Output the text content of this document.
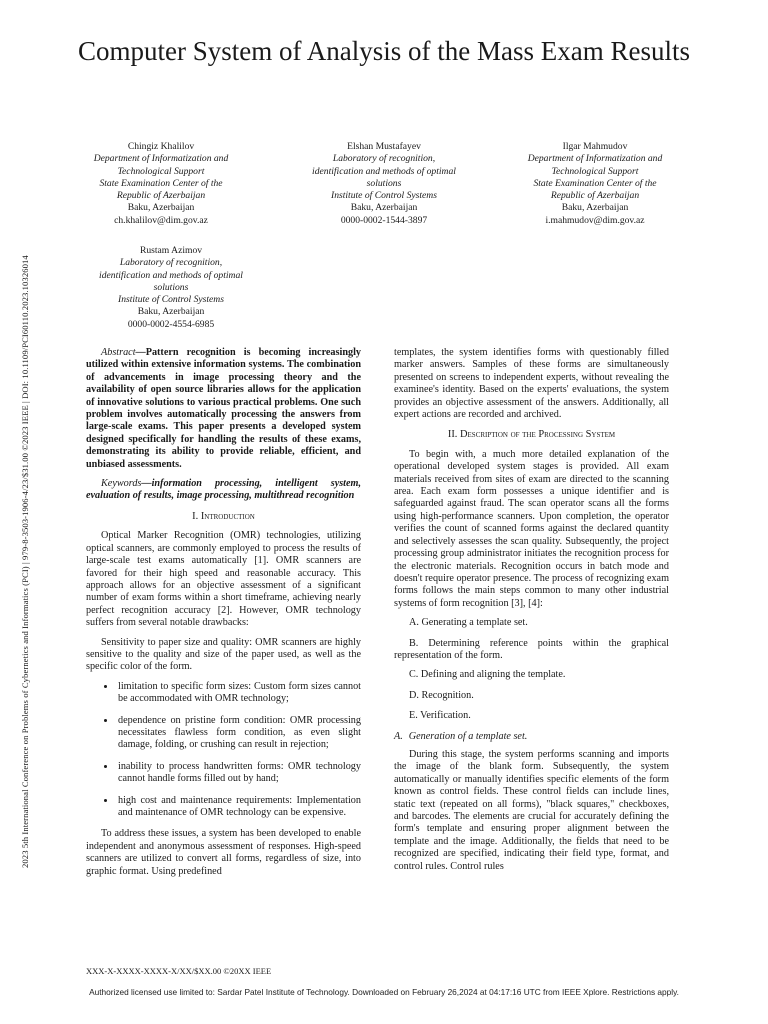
2023 5th International Conference on Problems of Cybernetics and Informatics (PCI) | 979-8-3503-1906-4/23/$31.00 ©2023 IEEE | DOI: 10.1109/PCI60110.2023.10326014
Computer System of Analysis of the Mass Exam Results
Chingiz Khalilov
Department of Informatization and
Technological Support
State Examination Center of the
Republic of Azerbaijan
Baku, Azerbaijan
ch.khalilov@dim.gov.az
Elshan Mustafayev
Laboratory of recognition,
identification and methods of optimal
solutions
Institute of Control Systems
Baku, Azerbaijan
0000-0002-1544-3897
Ilgar Mahmudov
Department of Informatization and
Technological Support
State Examination Center of the
Republic of Azerbaijan
Baku, Azerbaijan
i.mahmudov@dim.gov.az
Rustam Azimov
Laboratory of recognition,
identification and methods of optimal
solutions
Institute of Control Systems
Baku, Azerbaijan
0000-0002-4554-6985

Abstract—Pattern recognition is becoming increasingly utilized within extensive information systems. The combination of advancements in image processing theory and the availability of open source libraries allows for the application of innovative solutions to various practical problems. One such problem involves automatically processing the answers from large-scale exams. This paper presents a developed system designed specifically for handling the results of these exams, demonstrating its ability to provide reliable, efficient, and unbiased assessments.

Keywords—information processing, intelligent system, evaluation of results, image processing, multithread recognition

I. Introduction

Optical Marker Recognition (OMR) technologies, utilizing optical scanners, are commonly employed to process the results of large-scale test exams automatically [1]. OMR scanners are favored for their high speed and reasonable accuracy. This approach allows for an objective assessment of a significant number of exam forms within a short timeframe, achieving nearly perfect recognition accuracy [2]. However, OMR technology suffers from several notable drawbacks:

Sensitivity to paper size and quality: OMR scanners are highly sensitive to the quality and size of the paper used, as well as the specific color of the form.

• limitation to specific form sizes: Custom form sizes cannot be accommodated with OMR technology;
• dependence on pristine form condition: OMR processing necessitates flawless form condition, as even slight damage, folding, or crushing can result in rejection;
• inability to process handwritten forms: OMR technology cannot handle forms filled out by hand;
• high cost and maintenance requirements: Implementation and maintenance of OMR technology can be expensive.

To address these issues, a system has been developed to enable independent and anonymous assessment of responses. High-speed scanners are utilized to convert all forms, regardless of size, into graphic format. Using predefined

templates, the system identifies forms with questionably filled marker answers. Samples of these forms are simultaneously presented on screens to independent experts, without revealing the examinee's identity. Based on the experts' evaluations, the system provides an objective assessment of the answers. Additionally, all expert actions are recorded and archived.

II. Description of the Processing System

To begin with, a much more detailed explanation of the operational developed system stages is provided. All exam materials received from sites of exam are directed to the scanning area. Each exam form possesses a unique identifier and is safeguarded against fraud. The scan operator scans all the forms using high-performance scanners. Upon completion, the operator verifies the count of scanned forms against the declared quantity and selectively assesses the scan quality. Subsequently, the project processing group administrator initiates the recognition process for the electronic materials. Recognition occurs in batch mode and doesn't require operator presence. The process of recognizing exam forms follows the main steps common to many other industrial systems of form recognition [3], [4]:

A. Generating a template set.

B. Determining reference points within the graphical representation of the form.

C. Defining and aligning the template.
D. Recognition.
E. Verification.
A. Generation of a template set.

During this stage, the system performs scanning and imports the image of the blank form. Subsequently, the system automatically or manually identifies specific elements of the form known as control fields. These control fields can include lines, static text (repeated on all forms), "black squares," checkboxes, and barcodes. The elements are crucial for accurately defining the form's template and ensuring proper alignment between the template and the image. Additionally, the fields that need to be recognized are specified, indicating their field type, format, and control rules. Control rules

XXX-X-XXXX-XXXX-X/XX/$XX.00 ©20XX IEEE
Authorized licensed use limited to: Sardar Patel Institute of Technology. Downloaded on February 26,2024 at 04:17:16 UTC from IEEE Xplore. Restrictions apply.
